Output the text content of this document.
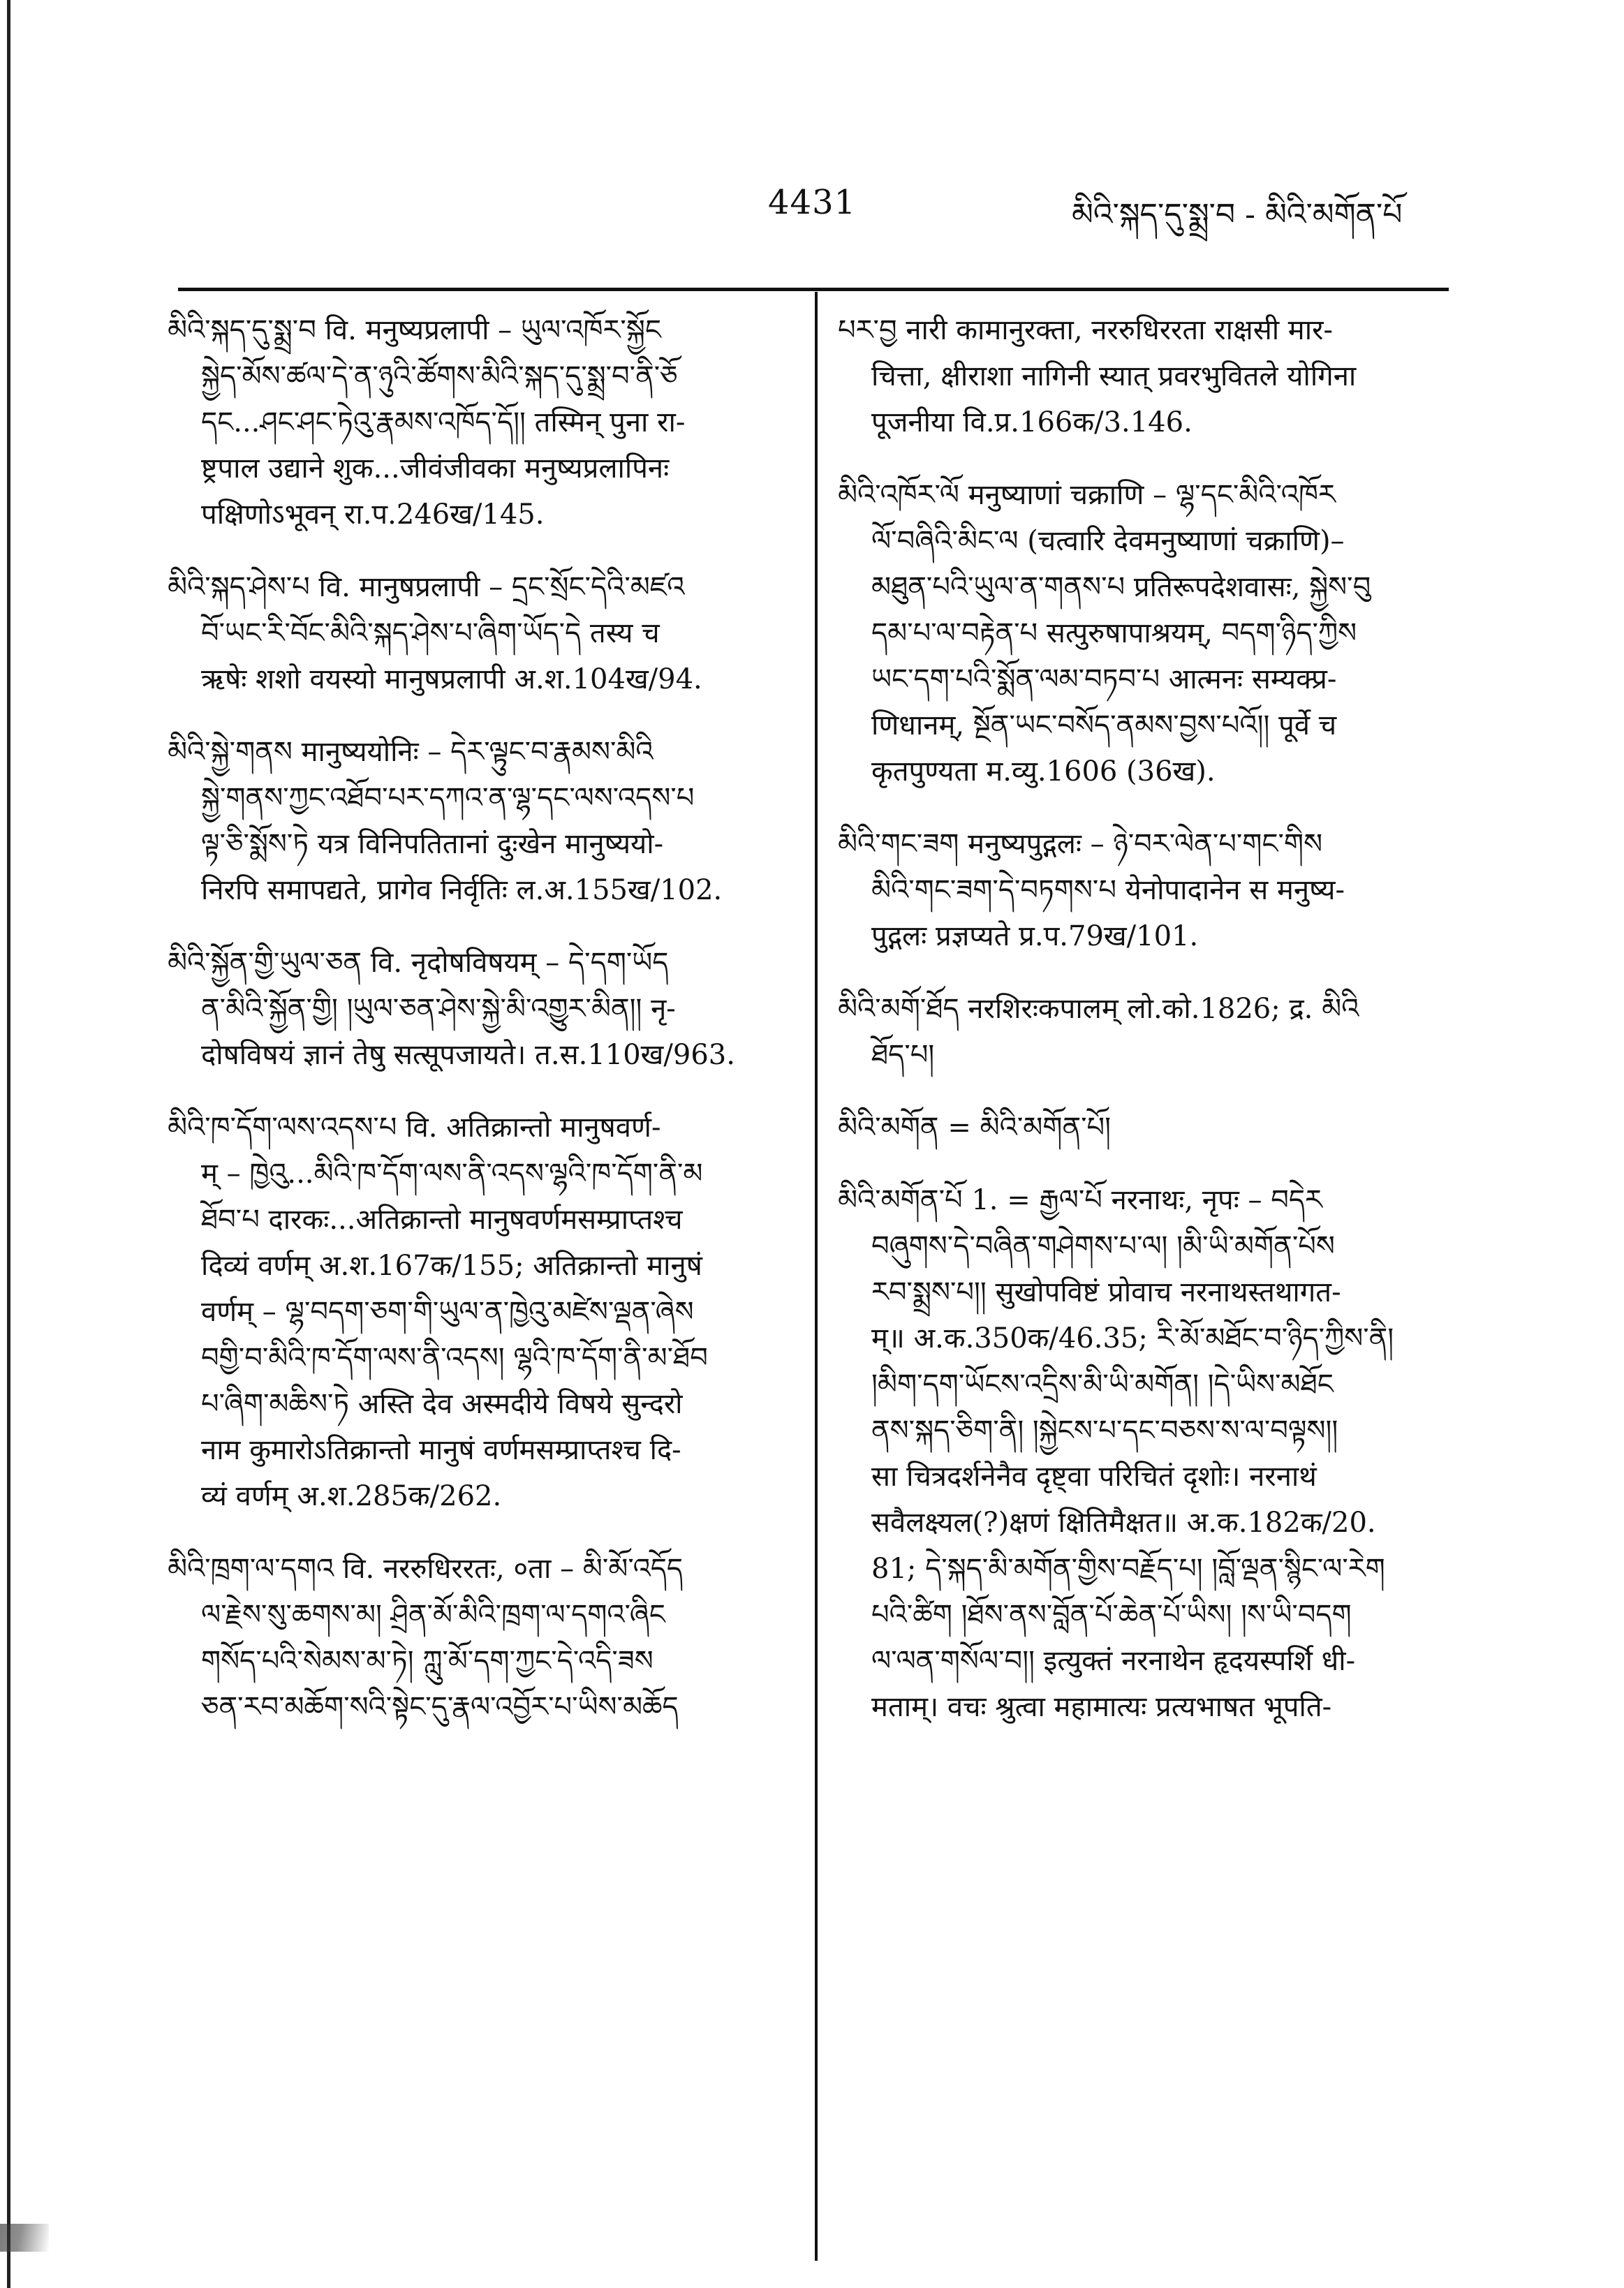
4431	མིའི་སྐད་དུ་སྨྲ་བ - མིའི་མགོན་པོ

མིའི་སྐད་དུ་སྨྲ་བ वि. मनुष्यप्रलापी – ཡུལ་འཁོར་སྐྱོང

སྐྱེད་མོས་ཚལ་དེ་ན་ཉུའི་ཚོགས་མིའི་སྐད་དུ་སྨྲ་བ་ནི་ཅོ

དང...ཤང་ཤང་ཏེའུ་རྣམས་འཁོད་དོ།། तस्मिन् पुना रा-

ष्ट्रपाल उद्याने शुक...जीवंजीवका मनुष्यप्रलापिनः

पक्षिणोऽभूवन् रा.प.246ख/145.

མིའི་སྐད་ཤེས་པ वि. मानुषप्रलापी – དྲང་སྲོང་དེའི་མཛའ

བོ་ཡང་རི་བོང་མིའི་སྐད་ཤེས་པ་ཞིག་ཡོད་དེ तस्य च

ऋषेः शशो वयस्यो मानुषप्रलापी अ.श.104ख/94.

མིའི་སྐྱེ་གནས मानुष्ययोनिः – དེར་ལྟུང་བ་རྣམས་མིའི

སྐྱེ་གནས་ཀྱང་འཐོབ་པར་དཀའ་ན་ལྷ་དང་ལས་འདས་པ

ལྟ་ཅི་སྨོས་ཏེ यत्र विनिपतितानां दुःखेन मानुष्ययो-

निरपि समापद्यते, प्रागेव निर्वृतिः ल.अ.155ख/102.

མིའི་སྐྱོན་གྱི་ཡུལ་ཅན वि. नृदोषविषयम् – དེ་དག་ཡོད

ན་མིའི་སྐྱོན་གྱི། །ཡུལ་ཅན་ཤེས་སྐྱེ་མི་འགྱུར་མིན།། नृ-

दोषविषयं ज्ञानं तेषु सत्सूपजायते। त.स.110ख/963.

མིའི་ཁ་དོག་ལས་འདས་པ वि. अतिक्रान्तो मानुषवर्ण-

म् – ཁྱེའུ...མིའི་ཁ་དོག་ལས་ནི་འདས་ལྷའི་ཁ་དོག་ནི་མ

ཐོབ་པ दारकः...अतिक्रान्तो मानुषवर्णमसम्प्राप्तश्च

दिव्यं वर्णम् अ.श.167क/155; अतिक्रान्तो मानुषं

वर्णम् – ལྷ་བདག་ཅག་གི་ཡུལ་ན་ཁྱེའུ་མཛེས་ལྡན་ཞེས

བགྱི་བ་མིའི་ཁ་དོག་ལས་ནི་འདས། ལྷའི་ཁ་དོག་ནི་མ་ཐོབ

པ་ཞིག་མཆིས་ཏེ अस्ति देव अस्मदीये विषये सुन्दरो

नाम कुमारोऽतिक्रान्तो मानुषं वर्णमसम्प्राप्तश्च दि-

व्यं वर्णम् अ.श.285क/262.

མིའི་ཁྲག་ལ་དགའ वि. नररुधिररतः, ०ता – མི་མོ་འདོད

ལ་རྗེས་སུ་ཆགས་མ། ཤྲིན་མོ་མིའི་ཁྲག་ལ་དགའ་ཞིང

གསོད་པའི་སེམས་མ་ཏེ། ཀླུ་མོ་དག་ཀྱང་དེ་འདི་ཟས

ཅན་རབ་མཆོག་སའི་སྟེང་དུ་རྣལ་འབྱོར་པ་ཡིས་མཆོད

པར་བྱ नारी कामानुरक्ता, नररुधिररता राक्षसी मार-

चित्ता, क्षीराशा नागिनी स्यात् प्रवरभुवितले योगिना

पूजनीया वि.प्र.166क/3.146.

མིའི་འཁོར་ལོ मनुष्याणां चक्राणि – ལྷ་དང་མིའི་འཁོར

ལོ་བཞིའི་མིང་ལ (चत्वारि देवमनुष्याणां चक्राणि)–

མཐུན་པའི་ཡུལ་ན་གནས་པ प्रतिरूपदेशवासः, སྐྱེས་བུ

དམ་པ་ལ་བརྟེན་པ सत्पुरुषापाश्रयम्, བདག་ཉིད་ཀྱིས

ཡང་དག་པའི་སྨོན་ལམ་བཏབ་པ आत्मनः सम्यक्प्र-

णिधानम्, སྔོན་ཡང་བསོད་ནམས་བྱས་པའོ།། पूर्वे च

कृतपुण्यता म.व्यु.1606 (36ख).

མིའི་གང་ཟག मनुष्यपुद्गलः – ཉེ་བར་ལེན་པ་གང་གིས

མིའི་གང་ཟག་དེ་བཏགས་པ येनोपादानेन स मनुष्य-

पुद्गलः प्रज्ञप्यते प्र.प.79ख/101.

མིའི་མགོ་ཐོད नरशिरःकपालम् लो.को.1826; द्र. མིའི

ཐོད་པ།

མིའི་མགོན = མིའི་མགོན་པོ།

མིའི་མགོན་པོ 1. = རྒྱལ་པོ नरनाथः, नृपः – བདེར

བཞུགས་དེ་བཞིན་གཤེགས་པ་ལ། །མི་ཡི་མགོན་པོས

རབ་སྨྲས་པ།། सुखोपविष्टं प्रोवाच नरनाथस्तथागत-

म्॥ अ.क.350क/46.35; རི་མོ་མཐོང་བ་ཉིད་ཀྱིས་ནི།

།མིག་དག་ཡོངས་འདྲིས་མི་ཡི་མགོན། །དེ་ཡིས་མཐོང

ནས་སྐད་ཅིག་ནི། །སྐྱེངས་པ་དང་བཅས་ས་ལ་བལྟས།།

सा चित्रदर्शनेनैव दृष्ट्वा परिचितं दृशोः। नरनाथं

सवैलक्ष्यल(?)क्षणं क्षितिमैक्षत॥ अ.क.182क/20.

81; དེ་སྐད་མི་མགོན་གྱིས་བརྗོད་པ། །བློ་ལྡན་སྙིང་ལ་རེག

པའི་ཚིག །ཐོས་ནས་བློན་པོ་ཆེན་པོ་ཡིས། །ས་ཡི་བདག

ལ་ལན་གསོལ་བ།། इत्युक्तं नरनाथेन हृदयस्पर्शि धी-

मताम्। वचः श्रुत्वा महामात्यः प्रत्यभाषत भूपति-
